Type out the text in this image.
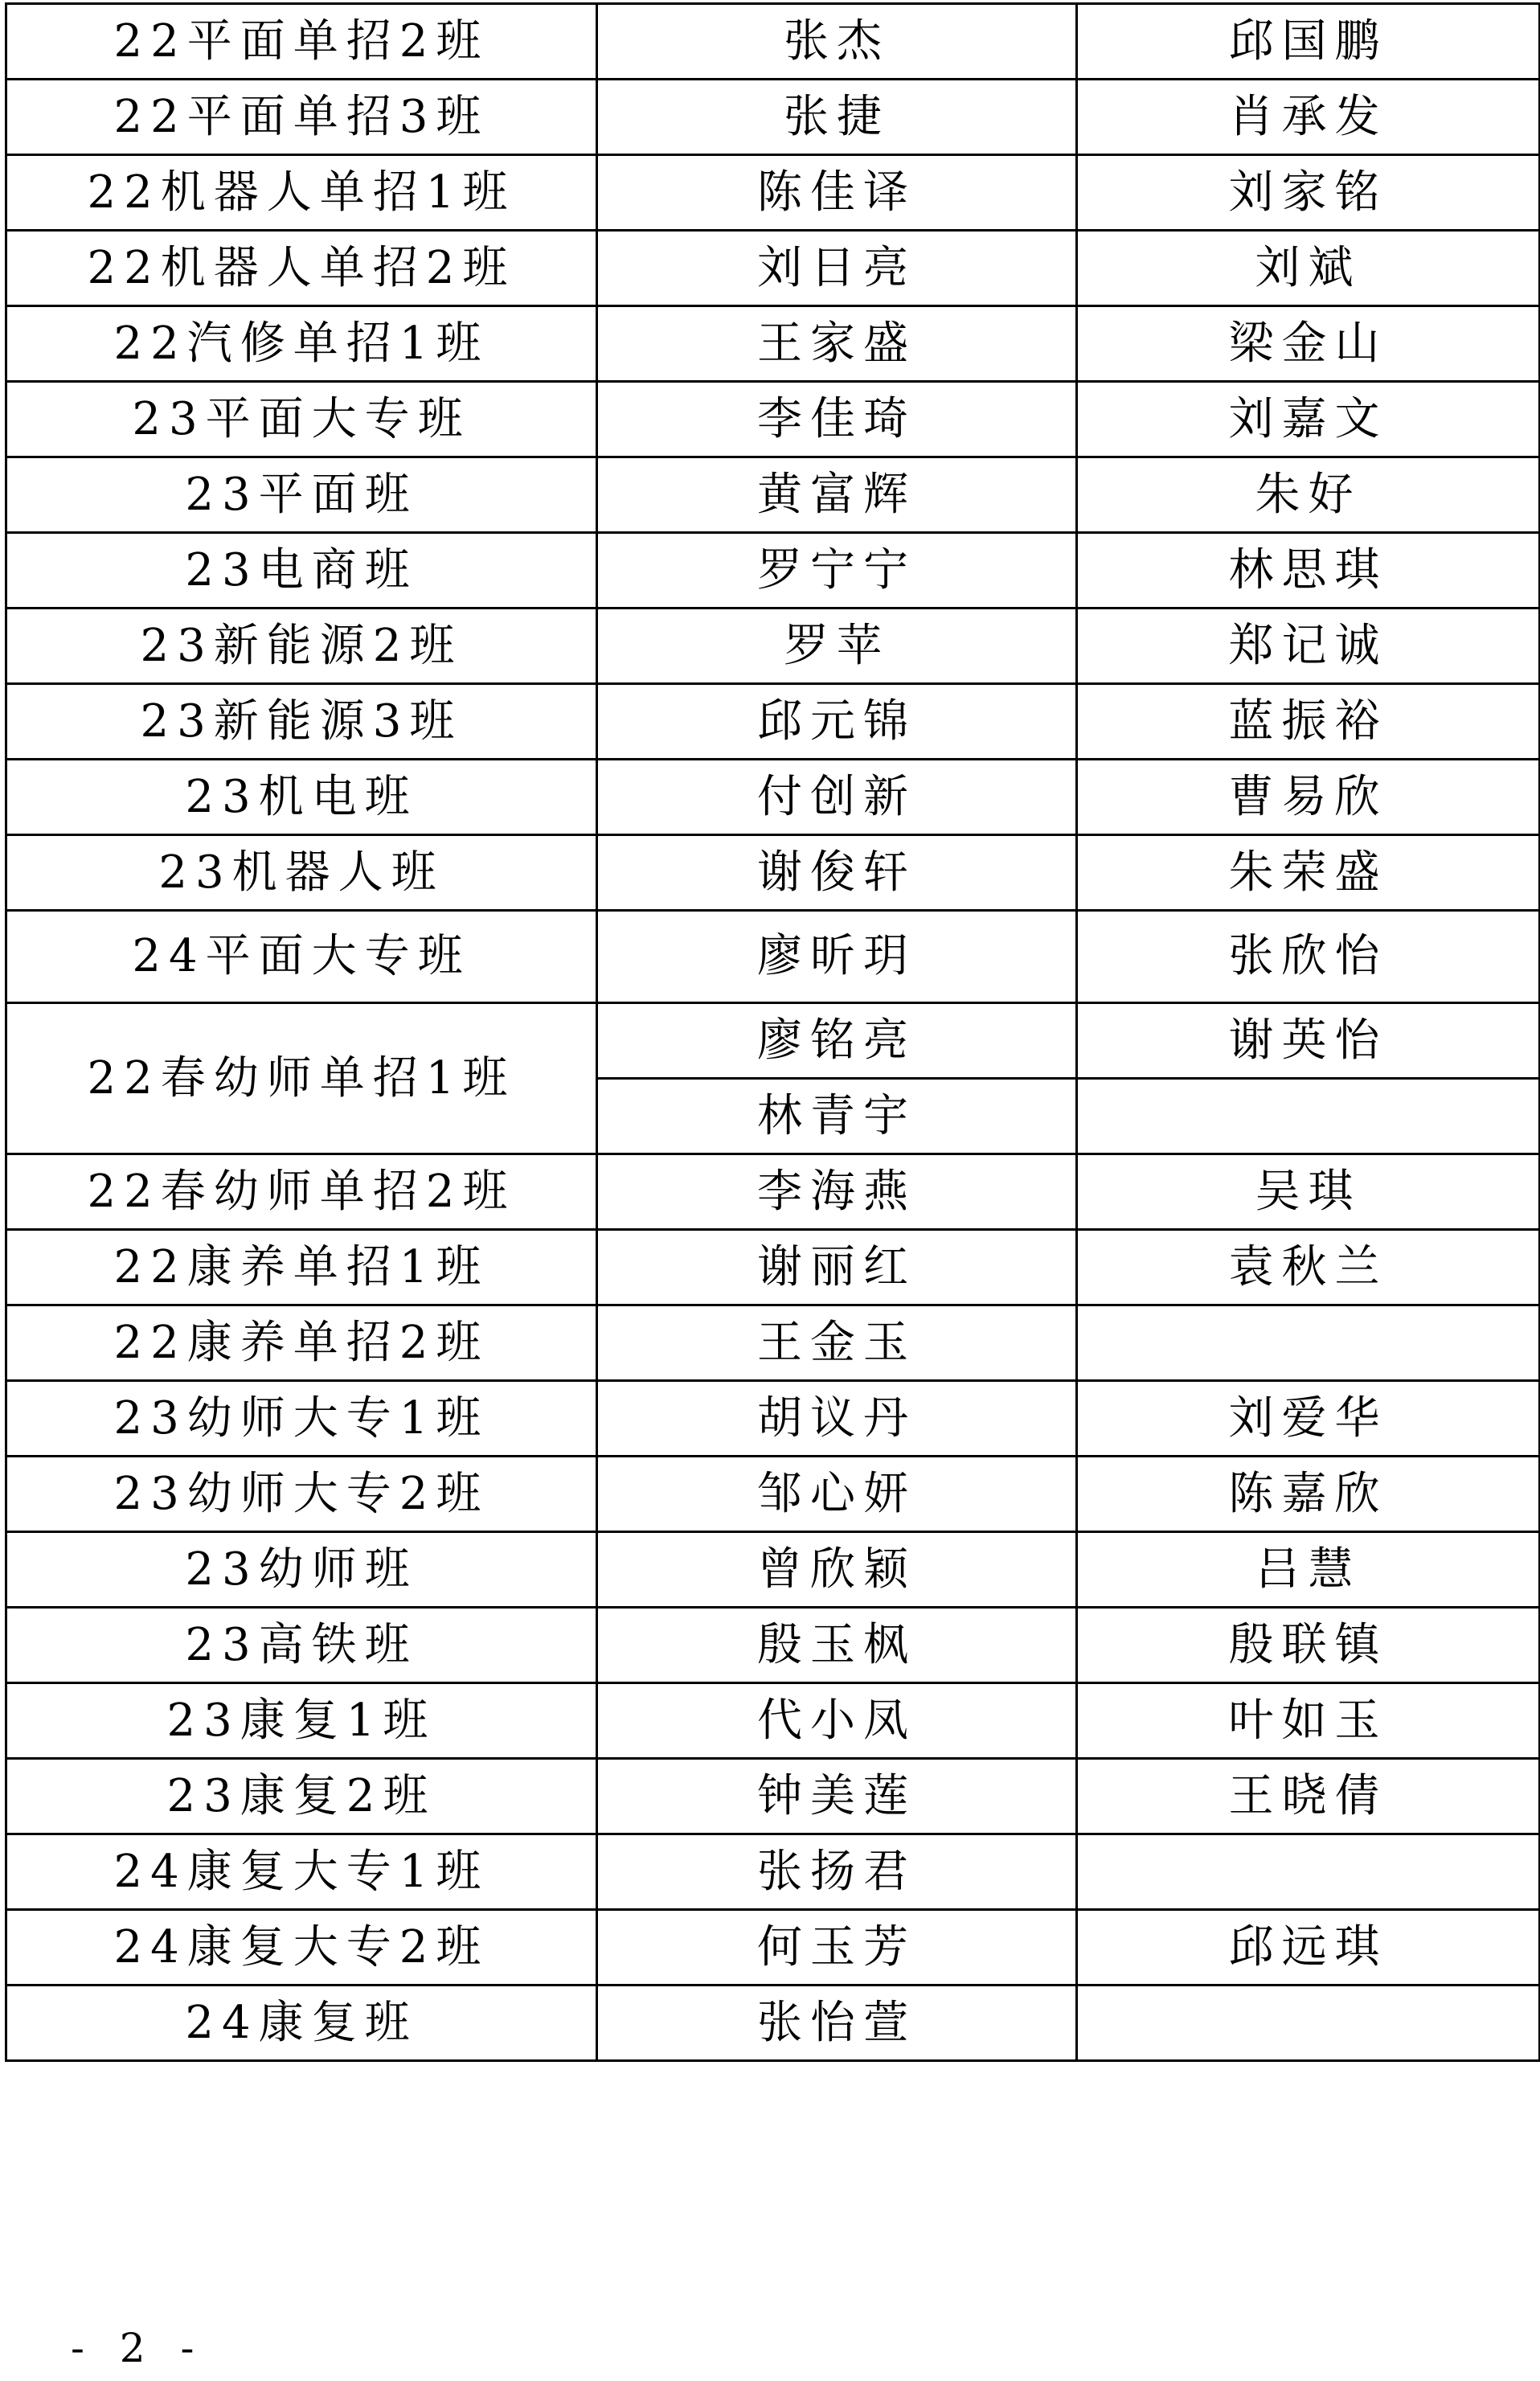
22平面单招2班	张杰	邱国鹏
22平面单招3班	张捷	肖承发
22机器人单招1班	陈佳译	刘家铭
22机器人单招2班	刘日亮	刘斌
22汽修单招1班	王家盛	梁金山
23平面大专班	李佳琦	刘嘉文
23平面班	黄富辉	朱好
23电商班	罗宁宁	林思琪
23新能源2班	罗苹	郑记诚
23新能源3班	邱元锦	蓝振裕
23机电班	付创新	曹易欣
23机器人班	谢俊轩	朱荣盛
24平面大专班	廖昕玥	张欣怡
22春幼师单招1班	廖铭亮	谢英怡
	林青宇	
22春幼师单招2班	李海燕	吴琪
22康养单招1班	谢丽红	袁秋兰
22康养单招2班	王金玉	
23幼师大专1班	胡议丹	刘爱华
23幼师大专2班	邹心妍	陈嘉欣
23幼师班	曾欣颖	吕慧
23高铁班	殷玉枫	殷联镇
23康复1班	代小凤	叶如玉
23康复2班	钟美莲	王晓倩
24康复大专1班	张扬君	
24康复大专2班	何玉芳	邱远琪
24康复班	张怡萱	
- 2 -
